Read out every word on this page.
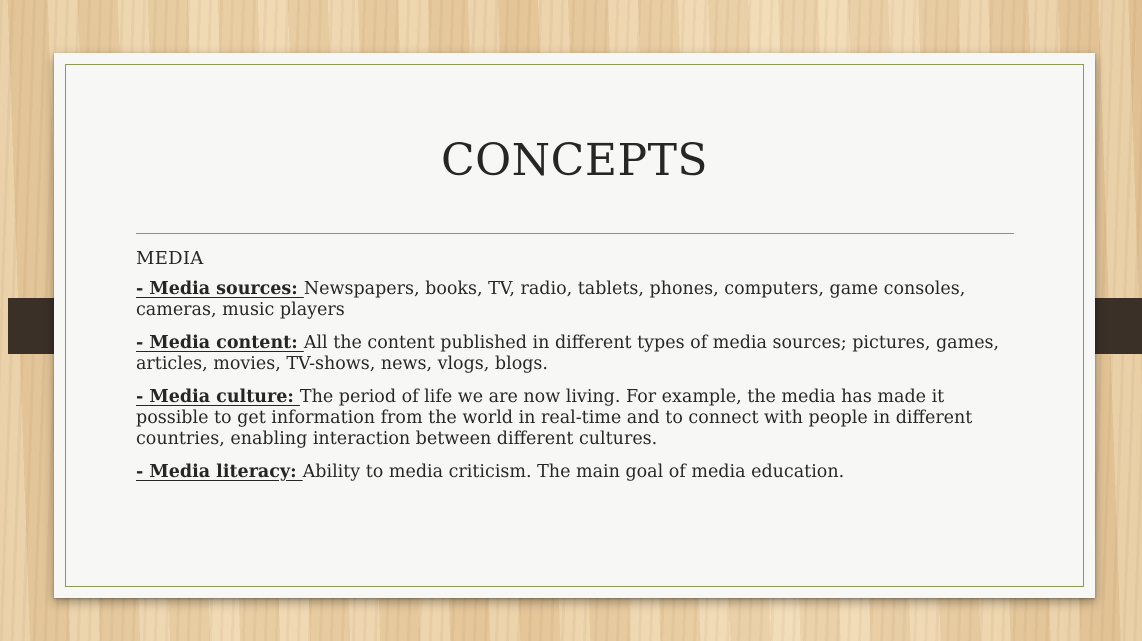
CONCEPTS
MEDIA
- Media sources: Newspapers, books, TV, radio, tablets, phones, computers, game consoles, cameras, music players
- Media content: All the content published in different types of media sources; pictures, games, articles, movies, TV-shows, news, vlogs, blogs.
- Media culture: The period of life we are now living. For example, the media has made it possible to get information from the world in real-time and to connect with people in different countries, enabling interaction between different cultures.
- Media literacy: Ability to media criticism. The main goal of media education.
